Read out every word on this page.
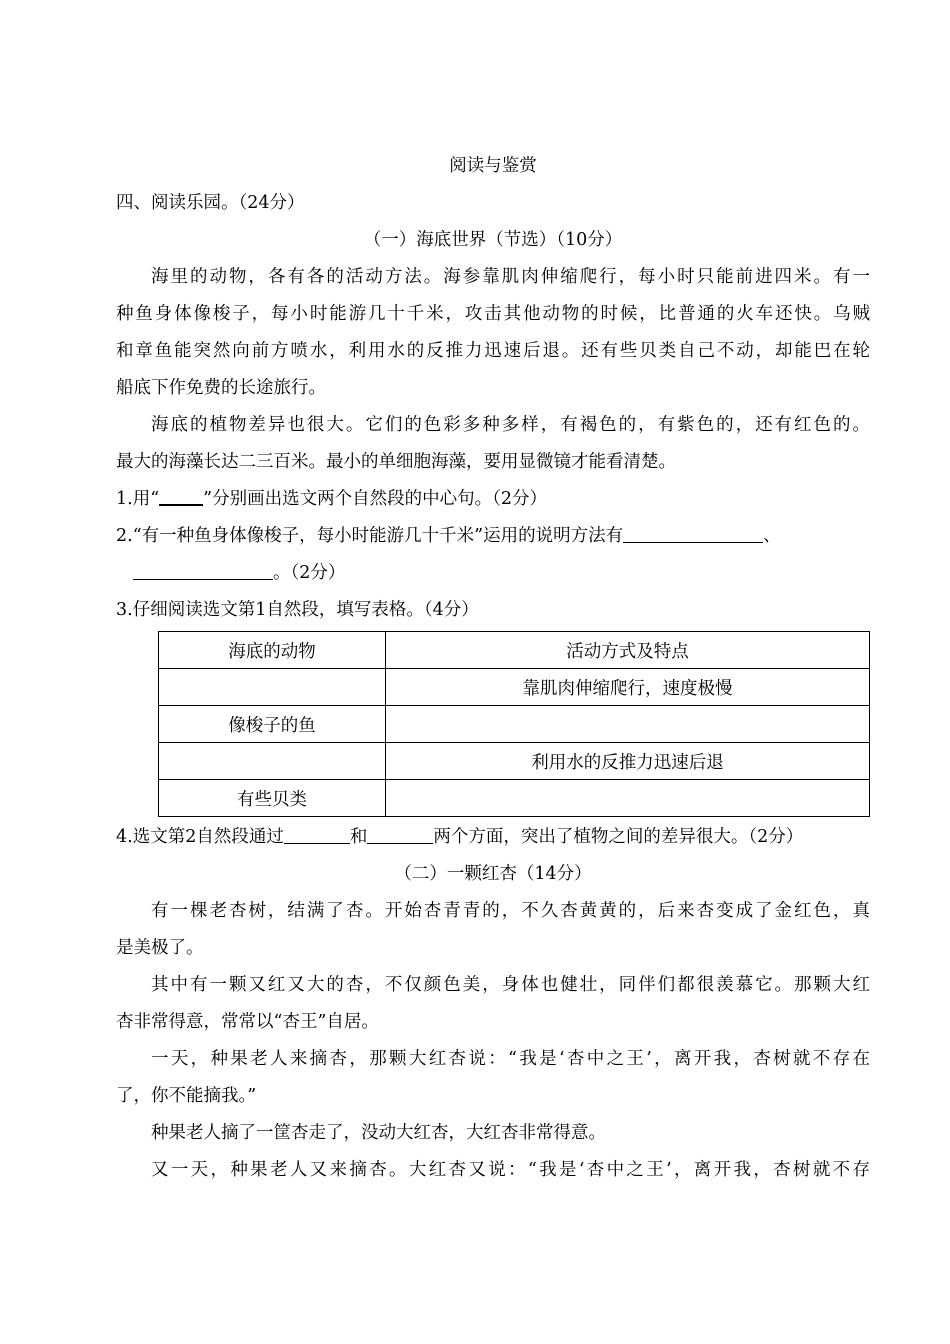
阅读与鉴赏
四、阅读乐园。（24分）
（一）海底世界（节选）（10分）
海里的动物，各有各的活动方法。海参靠肌肉伸缩爬行，每小时只能前进四米。有一
种鱼身体像梭子，每小时能游几十千米，攻击其他动物的时候，比普通的火车还快。乌贼
和章鱼能突然向前方喷水，利用水的反推力迅速后退。还有些贝类自己不动，却能巴在轮
船底下作免费的长途旅行。
海底的植物差异也很大。它们的色彩多种多样，有褐色的，有紫色的，还有红色的。
最大的海藻长达二三百米。最小的单细胞海藻，要用显微镜才能看清楚。
1.用“	”分别画出选文两个自然段的中心句。（2分）
2.“有一种鱼身体像梭子，每小时能游几十千米”运用的说明方法有	、
。（2分）
3.仔细阅读选文第1自然段，填写表格。（4分）
海底的动物	活动方式及特点
	靠肌肉伸缩爬行，速度极慢
像梭子的鱼	
	利用水的反推力迅速后退
有些贝类	
4.选文第2自然段通过	和	两个方面，突出了植物之间的差异很大。（2分）
（二）一颗红杏（14分）
有一棵老杏树，结满了杏。开始杏青青的，不久杏黄黄的，后来杏变成了金红色，真
是美极了。
其中有一颗又红又大的杏，不仅颜色美，身体也健壮，同伴们都很羡慕它。那颗大红
杏非常得意，常常以“杏王”自居。
一天，种果老人来摘杏，那颗大红杏说：“我是‘杏中之王’，离开我，杏树就不存在
了，你不能摘我。”
种果老人摘了一筐杏走了，没动大红杏，大红杏非常得意。
又一天，种果老人又来摘杏。大红杏又说：“我是‘杏中之王’，离开我，杏树就不存
